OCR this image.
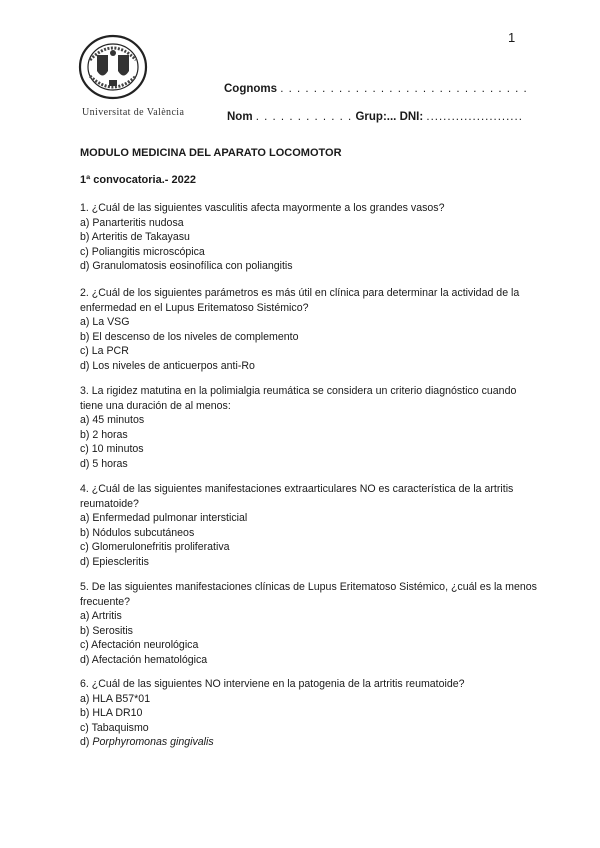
1
Universitat de València
Cognoms . . . . . . . . . . . . . . . . . . . . . . . . . . . . . .
Nom . . . . . . . . . . . . Grup:... DNI: .......................
MODULO MEDICINA DEL APARATO LOCOMOTOR
1ª convocatoria.- 2022
1. ¿Cuál de las siguientes vasculitis afecta mayormente a los grandes vasos?
a) Panarteritis nudosa
b) Arteritis de Takayasu
c) Poliangitis microscópica
d) Granulomatosis eosinofílica con poliangitis
2. ¿Cuál de los siguientes parámetros es más útil en clínica para determinar la actividad de la
enfermedad en el Lupus Eritematoso Sistémico?
a) La VSG
b) El descenso de los niveles de complemento
c) La PCR
d) Los niveles de anticuerpos anti-Ro
3. La rigidez matutina en la polimialgia reumática se considera un criterio diagnóstico cuando
tiene una duración de al menos:
a) 45 minutos
b) 2 horas
c) 10 minutos
d) 5 horas
4. ¿Cuál de las siguientes manifestaciones extraarticulares NO es característica de la artritis
reumatoide?
a) Enfermedad pulmonar intersticial
b) Nódulos subcutáneos
c) Glomerulonefritis proliferativa
d) Epiescleritis
5. De las siguientes manifestaciones clínicas de Lupus Eritematoso Sistémico, ¿cuál es la menos
frecuente?
a) Artritis
b) Serositis
c) Afectación neurológica
d) Afectación hematológica
6. ¿Cuál de las siguientes NO interviene en la patogenia de la artritis reumatoide?
a) HLA B57*01
b) HLA DR10
c) Tabaquismo
d) Porphyromonas gingivalis
